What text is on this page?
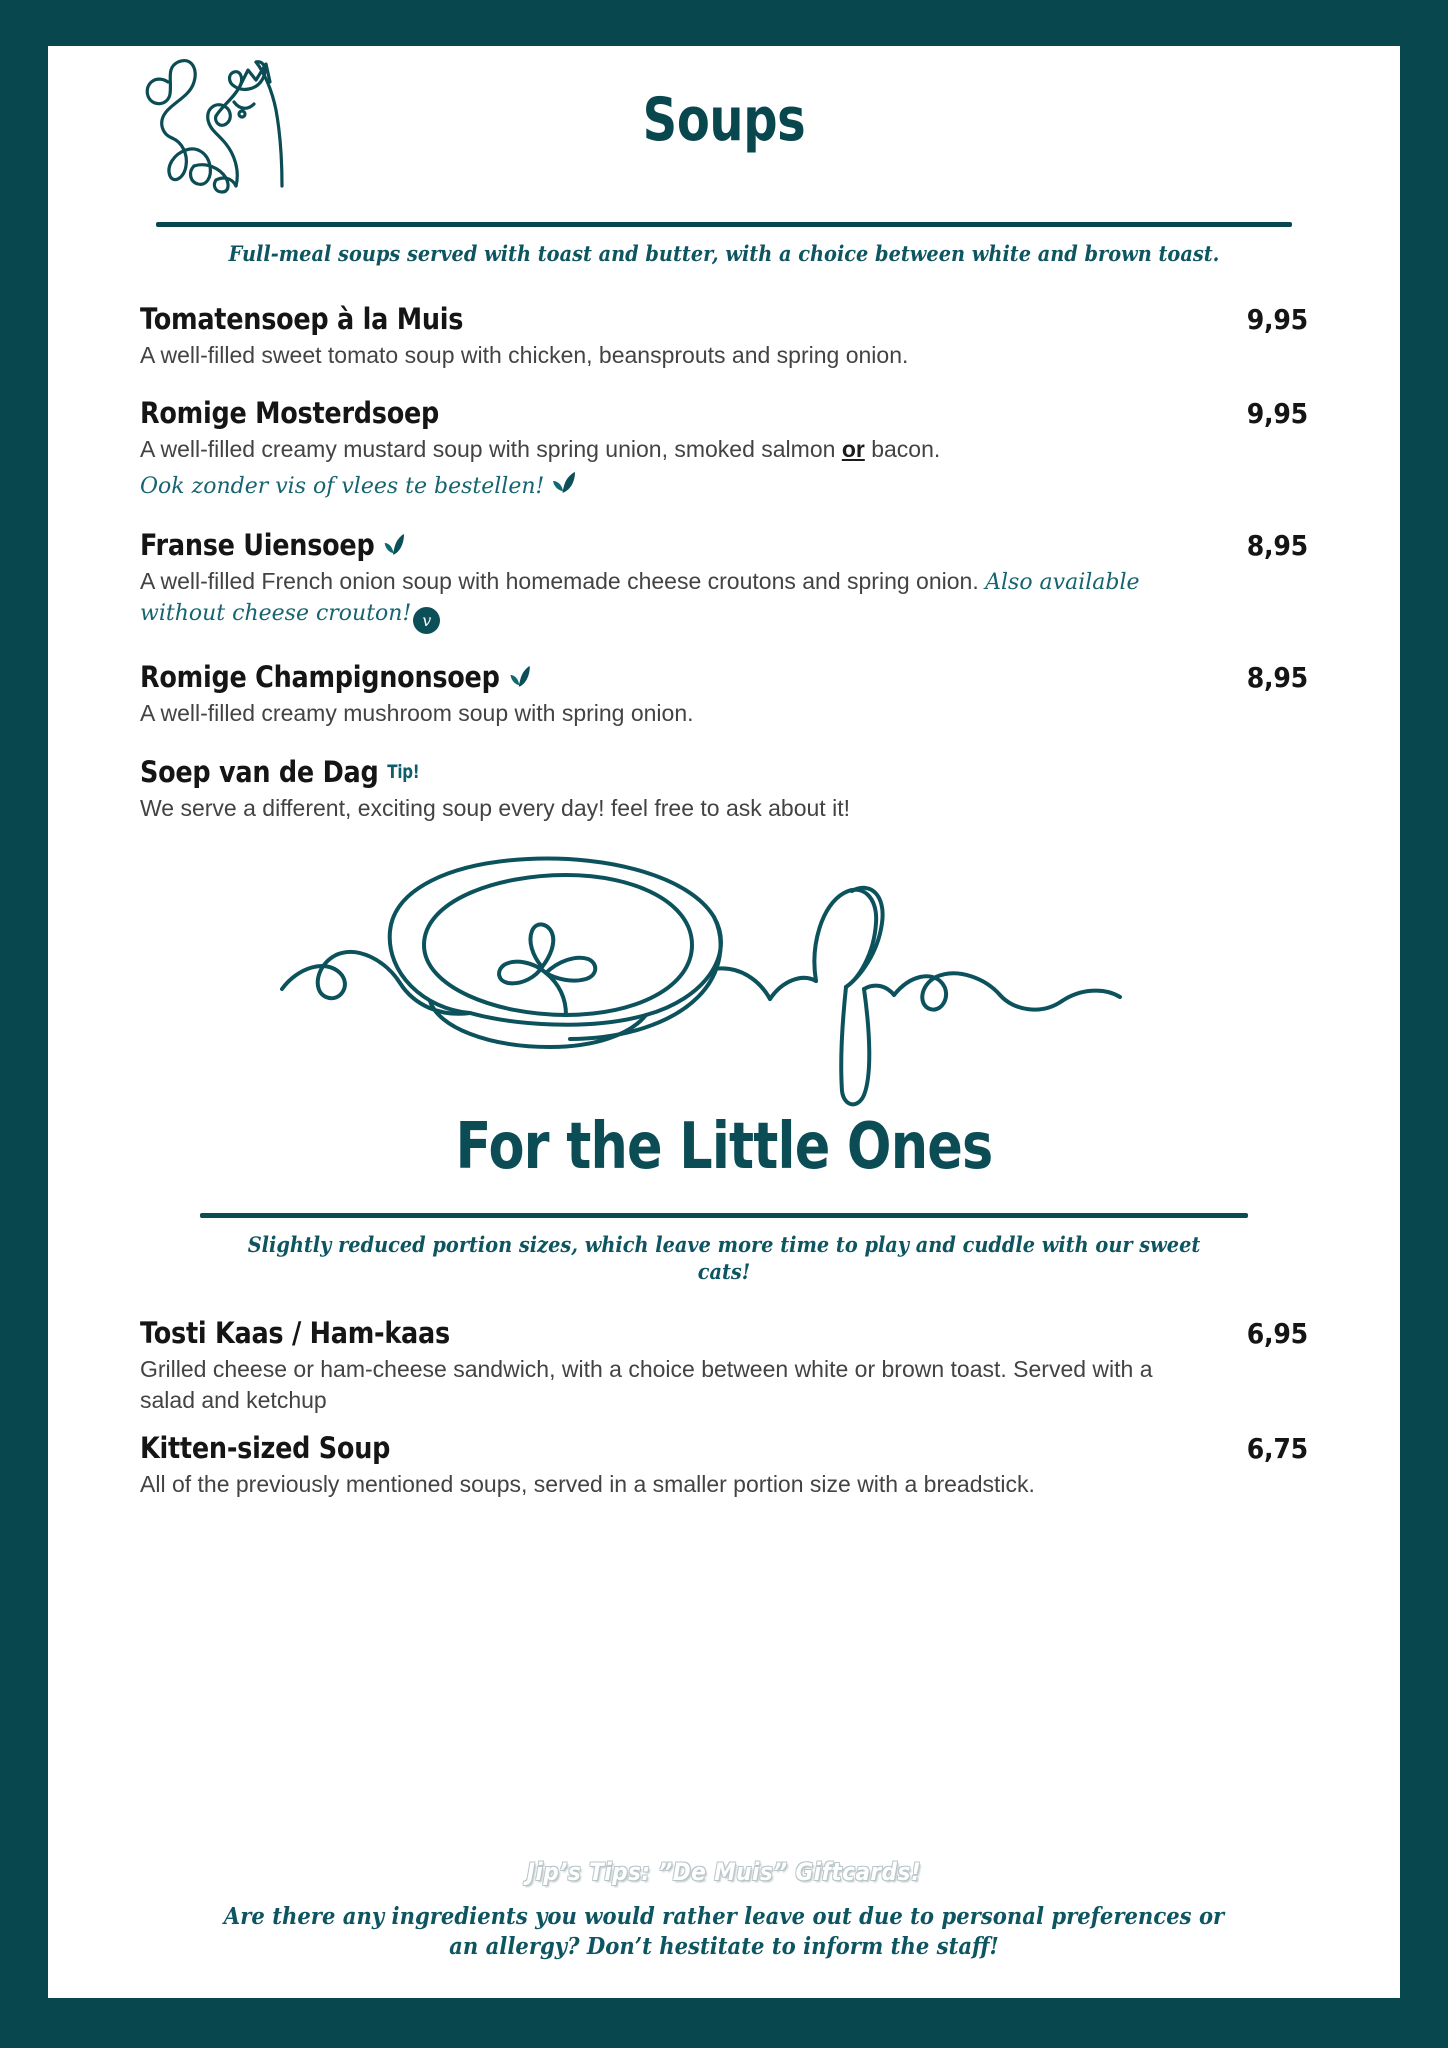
Soups
Full-meal soups served with toast and butter, with a choice between white and brown toast.
Tomatensoep à la Muis	9,95
A well-filled sweet tomato soup with chicken, beansprouts and spring onion.
Romige Mosterdsoep	9,95
A well-filled creamy mustard soup with spring union, smoked salmon or bacon.
Ook zonder vis of vlees te bestellen!
Franse Uiensoep	8,95
A well-filled French onion soup with homemade cheese croutons and spring onion. Also available without cheese crouton! v
Romige Champignonsoep	8,95
A well-filled creamy mushroom soup with spring onion.
Soep van de Dag Tip!
We serve a different, exciting soup every day! feel free to ask about it!
For the Little Ones
Slightly reduced portion sizes, which leave more time to play and cuddle with our sweet cats!
Tosti Kaas / Ham-kaas	6,95
Grilled cheese or ham-cheese sandwich, with a choice between white or brown toast. Served with a salad and ketchup
Kitten-sized Soup	6,75
All of the previously mentioned soups, served in a smaller portion size with a breadstick.
Jip’s Tips: ”De Muis” Giftcards!
Are there any ingredients you would rather leave out due to personal preferences or an allergy? Don’t hestitate to inform the staff!
